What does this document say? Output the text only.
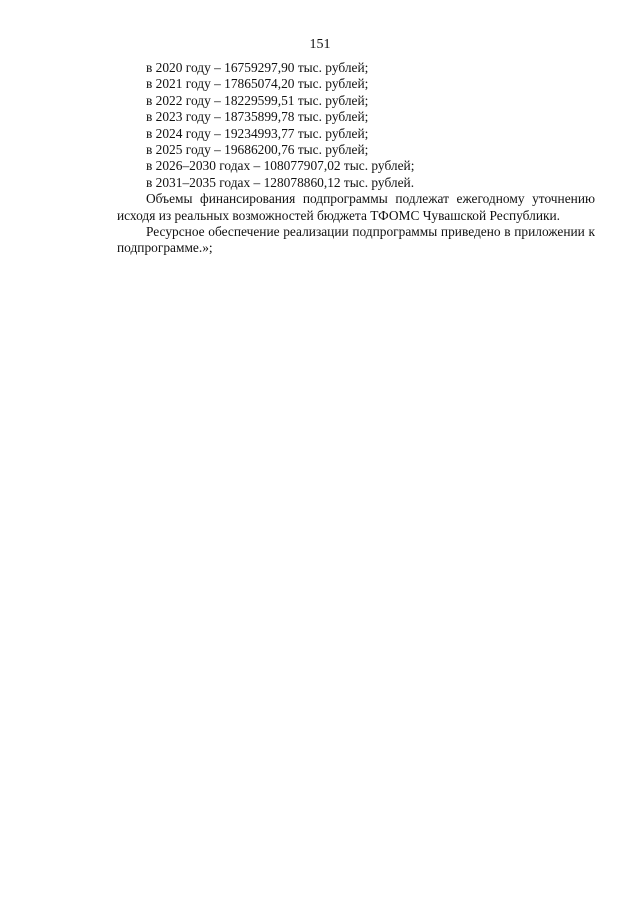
151
в 2020 году – 16759297,90 тыс. рублей;
в 2021 году – 17865074,20 тыс. рублей;
в 2022 году – 18229599,51 тыс. рублей;
в 2023 году – 18735899,78 тыс. рублей;
в 2024 году – 19234993,77 тыс. рублей;
в 2025 году – 19686200,76 тыс. рублей;
в 2026–2030 годах – 108077907,02 тыс. рублей;
в 2031–2035 годах – 128078860,12 тыс. рублей.

Объемы финансирования подпрограммы подлежат ежегодному уточнению исходя из реальных возможностей бюджета ТФОМС Чувашской Республики.

Ресурсное обеспечение реализации подпрограммы приведено в приложении к подпрограмме.»;
